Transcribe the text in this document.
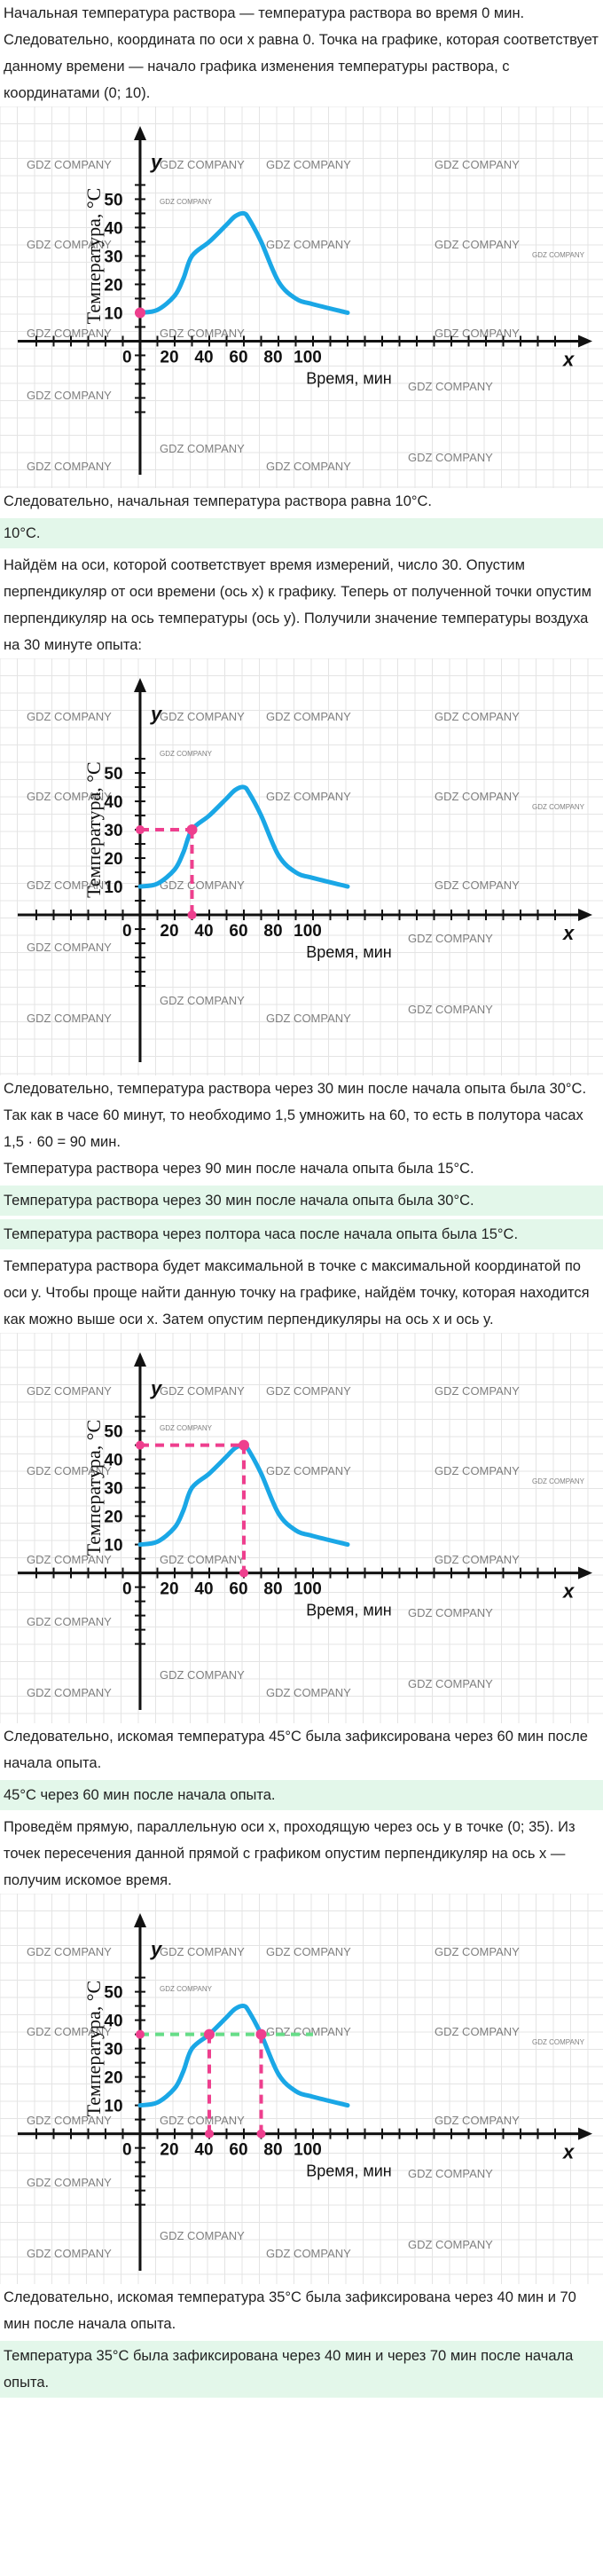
Начальная температура раствора — температура раствора во время 0 мин.

Следовательно, координата по оси x равна 0. Точка на графике, которая соответствует данному времени — начало графика изменения температуры раствора, с координатами (0; 10).

GDZ COMPANY	GDZ COMPANY GDZ COMPANY	GDZ COMPANY
GDZ COMPANY	GDZ COMPANY	GDZ COMPANY
GDZ COMPANY	GDZ COMPANY
GDZ COMPANY
GDZ COMPANY
GDZ COMPANY
GDZ COMPANY
GDZ COMPANY
GDZ COMPANY	GDZ COMPANY
GDZ COMPANY
GDZ COMPANY
0 20 40 60 80 100
10
20
30
40
50
Время, мин
x
y
Температура, °С

Следовательно, начальная температура раствора равна 10°C.

10°C.

Найдём на оси, которой соответствует время измерений, число 30. Опустим перпендикуляр от оси времени (ось x) к графику. Теперь от полученной точки опустим перпендикуляр на ось температуры (ось y). Получили значение температуры воздуха на 30 минуте опыта:

GDZ COMPANY	GDZ COMPANY GDZ COMPANY	GDZ COMPANY
GDZ COMPANY	GDZ COMPANY	GDZ COMPANY
GDZ COMPANY	GDZ COMPANY
GDZ COMPANY
GDZ COMPANY
GDZ COMPANY
GDZ COMPANY
GDZ COMPANY
GDZ COMPANY	GDZ COMPANY
GDZ COMPANY
GDZ COMPANY
0 20 40 60 80 100
10
20
30
40
50
Время, мин
x
y
Температура, °С

Следовательно, температура раствора через 30 мин после начала опыта была 30°C.

Так как в часе 60 минут, то необходимо 1,5 умножить на 60, то есть в полутора часах 1,5 · 60 = 90 мин.

Температура раствора через 90 мин после начала опыта была 15°C.

Температура раствора через 30 мин после начала опыта была 30°C.
Температура раствора через полтора часа после начала опыта была 15°C.

Температура раствора будет максимальной в точке с максимальной координатой по оси y. Чтобы проще найти данную точку на графике, найдём точку, которая находится как можно выше оси x. Затем опустим перпендикуляры на ось x и ось y.

GDZ COMPANY	GDZ COMPANY GDZ COMPANY	GDZ COMPANY
GDZ COMPANY	GDZ COMPANY	GDZ COMPANY
GDZ COMPANY	GDZ COMPANY
GDZ COMPANY
GDZ COMPANY
GDZ COMPANY
GDZ COMPANY
GDZ COMPANY
GDZ COMPANY	GDZ COMPANY
GDZ COMPANY
GDZ COMPANY
0 20 40 60 80 100
10
20
30
40
50
Время, мин
x
y
Температура, °С

Следовательно, искомая температура 45°C была зафиксирована через 60 мин после начала опыта.

45°C через 60 мин после начала опыта.

Проведём прямую, параллельную оси x, проходящую через ось y в точке (0; 35). Из точек пересечения данной прямой с графиком опустим перпендикуляр на ось x — получим искомое время.

GDZ COMPANY	GDZ COMPANY GDZ COMPANY	GDZ COMPANY
GDZ COMPANY	GDZ COMPANY	GDZ COMPANY
GDZ COMPANY	GDZ COMPANY
GDZ COMPANY
GDZ COMPANY
GDZ COMPANY
GDZ COMPANY
GDZ COMPANY
GDZ COMPANY	GDZ COMPANY
GDZ COMPANY
GDZ COMPANY
0 20 40 60 80 100
10
20
30
40
50
Время, мин
x
y
Температура, °С

Следовательно, искомая температура 35°C была зафиксирована через 40 мин и 70 мин после начала опыта.

Температура 35°C была зафиксирована через 40 мин и через 70 мин после начала опыта.
